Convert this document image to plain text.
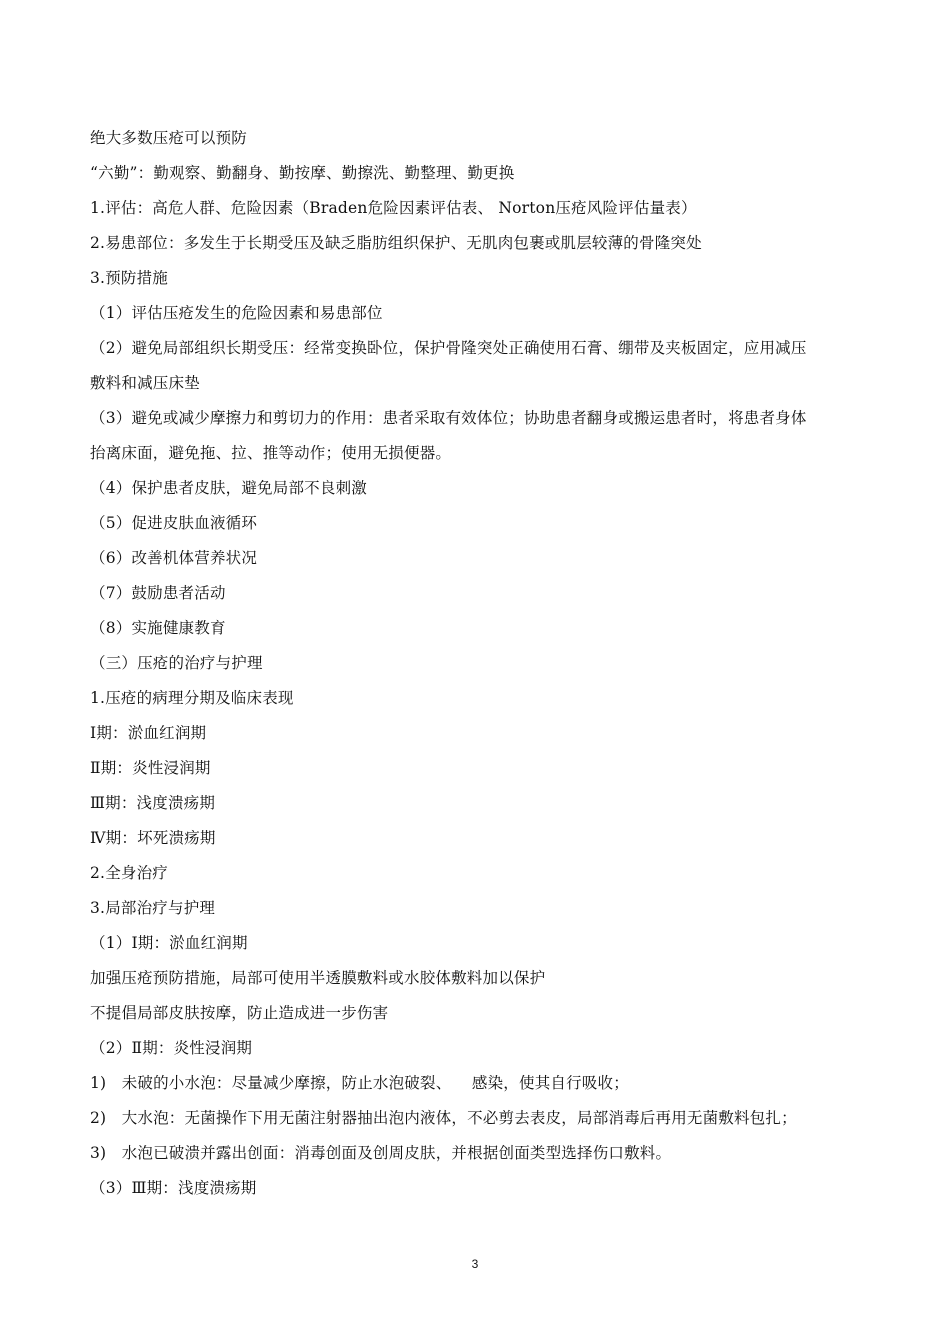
绝大多数压疮可以预防
“六勤”：勤观察、勤翻身、勤按摩、勤擦洗、勤整理、勤更换
1.评估：高危人群、危险因素（Braden危险因素评估表、 Norton压疮风险评估量表）
2.易患部位：多发生于长期受压及缺乏脂肪组织保护、无肌肉包裹或肌层较薄的骨隆突处
3.预防措施
（1）评估压疮发生的危险因素和易患部位
（2）避免局部组织长期受压：经常变换卧位，保护骨隆突处正确使用石膏、绷带及夹板固定，应用减压
敷料和减压床垫
（3）避免或减少摩擦力和剪切力的作用：患者采取有效体位；协助患者翻身或搬运患者时，将患者身体
抬离床面，避免拖、拉、推等动作；使用无损便器。
（4）保护患者皮肤，避免局部不良刺激
（5）促进皮肤血液循环
（6）改善机体营养状况
（7）鼓励患者活动
（8）实施健康教育
（三）压疮的治疗与护理
1.压疮的病理分期及临床表现
Ⅰ期：淤血红润期
Ⅱ期：炎性浸润期
Ⅲ期：浅度溃疡期
Ⅳ期：坏死溃疡期
2.全身治疗
3.局部治疗与护理
（1）Ⅰ期：淤血红润期
加强压疮预防措施，局部可使用半透膜敷料或水胶体敷料加以保护
不提倡局部皮肤按摩，防止造成进一步伤害
（2）Ⅱ期：炎性浸润期
1)   未破的小水泡：尽量减少摩擦，防止水泡破裂、    感染，使其自行吸收；
2)   大水泡：无菌操作下用无菌注射器抽出泡内液体，不必剪去表皮，局部消毒后再用无菌敷料包扎；
3)   水泡已破溃并露出创面：消毒创面及创周皮肤，并根据创面类型选择伤口敷料。
（3）Ⅲ期：浅度溃疡期
3
